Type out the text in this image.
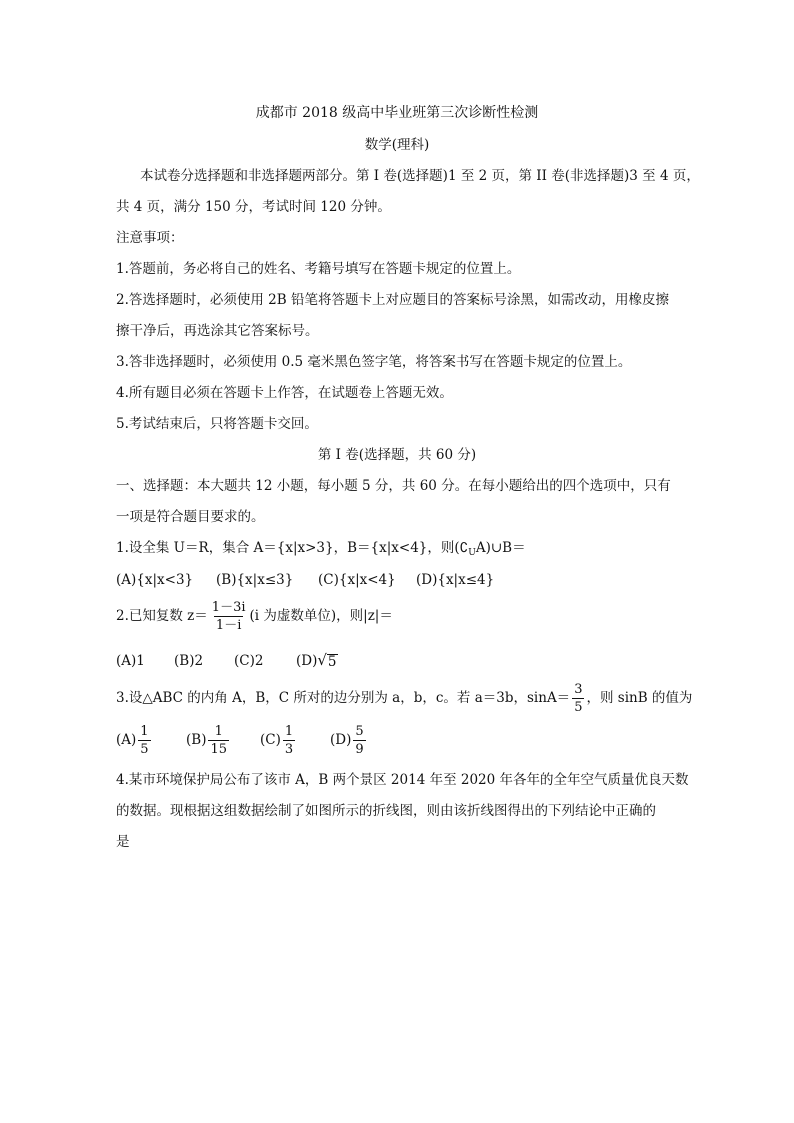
成都市 2018 级高中毕业班第三次诊断性检测
数学(理科)
本试卷分选择题和非选择题两部分。第 I 卷(选择题)1 至 2 页，第 II 卷(非选择题)3 至 4 页，
共 4 页，满分 150 分，考试时间 120 分钟。
注意事项：
1.答题前，务必将自己的姓名、考籍号填写在答题卡规定的位置上。
2.答选择题时，必须使用 2B 铅笔将答题卡上对应题目的答案标号涂黑，如需改动，用橡皮擦
擦干净后，再选涂其它答案标号。
3.答非选择题时，必须使用 0.5 毫米黑色签字笔，将答案书写在答题卡规定的位置上。
4.所有题目必须在答题卡上作答，在试题卷上答题无效。
5.考试结束后，只将答题卡交回。
第 I 卷(选择题，共 60 分)
一、选择题：本大题共 12 小题，每小题 5 分，共 60 分。在每小题给出的四个选项中，只有
一项是符合题目要求的。
1.设全集 U＝R，集合 A＝{x|x>3}，B＝{x|x<4}，则$(∁_UA)\cup B=$
(A){x|x<3} (B){x|x≤3} (C){x|x<4} (D){x|x≤4}
2.已知复数 $z= \frac{1-3i}{1-i} (i$ 为虚数单位)，则|z|＝
(A)1 (B)2 (C)2 (D) √ 5
3.设△ABC 的内角 A，B，C 所对的边分别为 a，b，c。若 a＝3b，$\sin A= \frac{3}{5}$ ，则 sinB 的值为
$(A) \frac{1}{5}$	$(B) \frac{1}{15} (C) \frac{1}{3}$	$(D) \frac{5}{9}$
4.某市环境保护局公布了该市 A，B 两个景区 2014 年至 2020 年各年的全年空气质量优良天数
的数据。现根据这组数据绘制了如图所示的折线图，则由该折线图得出的下列结论中正确的
是
